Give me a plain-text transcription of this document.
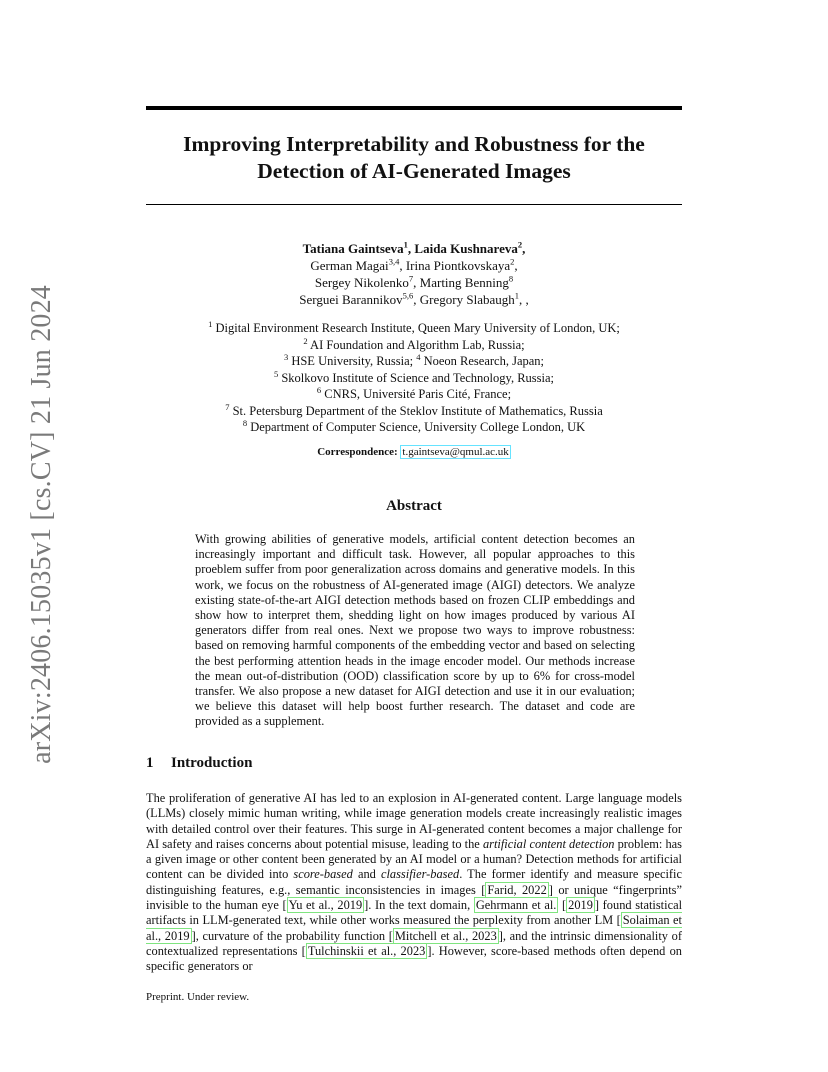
arXiv:2406.15035v1 [cs.CV] 21 Jun 2024
Improving Interpretability and Robustness for the
Detection of AI-Generated Images
Tatiana Gaintseva$^1$, Laida Kushnareva$^2$,
German Magai$^{3,4}$, Irina Piontkovskaya$^2$,
Sergey Nikolenko$^7$, Marting Benning$^8$
Serguei Barannikov$^{5,6}$, Gregory Slabaugh$^1$, ,
$^1$ Digital Environment Research Institute, Queen Mary University of London, UK;
$^2$ AI Foundation and Algorithm Lab, Russia;
$^3$ HSE University, Russia; $^4$ Noeon Research, Japan;
$^5$ Skolkovo Institute of Science and Technology, Russia;
$^6$ CNRS, Université Paris Cité, France;
$^7$ St. Petersburg Department of the Steklov Institute of Mathematics, Russia
$^8$ Department of Computer Science, University College London, UK
Correspondence: t.gaintseva@qmul.ac.uk
Abstract

With growing abilities of generative models, artificial content detection becomes an increasingly important and difficult task. However, all popular approaches to this proeblem suffer from poor generalization across domains and generative models. In this work, we focus on the robustness of AI-generated image (AIGI) detectors. We analyze existing state-of-the-art AIGI detection methods based on frozen CLIP embeddings and show how to interpret them, shedding light on how images produced by various AI generators differ from real ones. Next we propose two ways to improve robustness: based on removing harmful components of the embedding vector and based on selecting the best performing attention heads in the image encoder model. Our methods increase the mean out-of-distribution (OOD) classification score by up to 6% for cross-model transfer. We also propose a new dataset for AIGI detection and use it in our evaluation; we believe this dataset will help boost further research. The dataset and code are provided as a supplement.

1 Introduction

The proliferation of generative AI has led to an explosion in AI-generated content. Large language models (LLMs) closely mimic human writing, while image generation models create increasingly realistic images with detailed control over their features. This surge in AI-generated content becomes a major challenge for AI safety and raises concerns about potential misuse, leading to the artificial content detection problem: has a given image or other content been generated by an AI model or a human? Detection methods for artificial content can be divided into score-based and classifier-based. The former identify and measure specific distinguishing features, e.g., semantic inconsistencies in images [ Farid, 2022 ] or unique “fingerprints” invisible to the human eye [ Yu et al., 2019 ]. In the text domain, Gehrmann et al. [ 2019 ] found statistical artifacts in LLM-generated text, while other works measured the perplexity from another LM [ Solaiman et al., 2019 ], curvature of the probability function [ Mitchell et al., 2023 ], and the intrinsic dimensionality of contextualized representations [ Tulchinskii et al., 2023 ]. However, score-based methods often depend on specific generators or

Preprint. Under review.
